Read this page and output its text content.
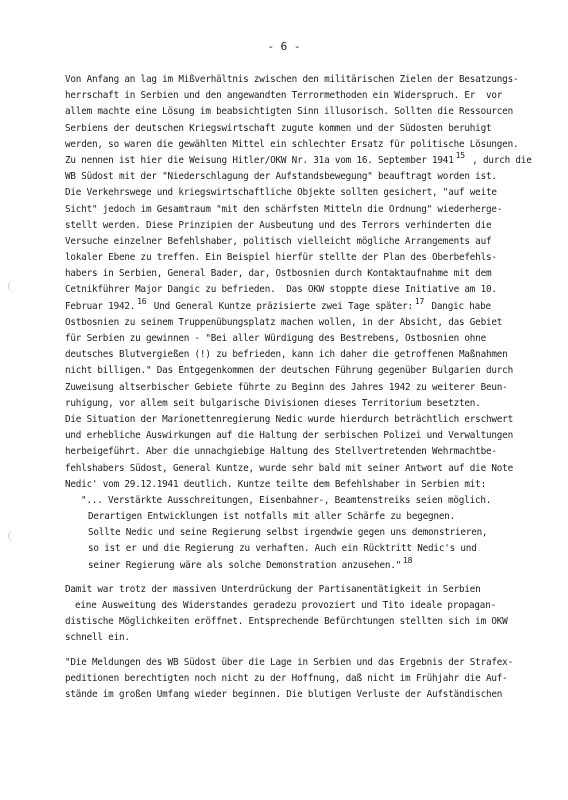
- 6 -
Von Anfang an lag im Mißverhältnis zwischen den militärischen Zielen der Besatzungs-
herrschaft in Serbien und den angewandten Terrormethoden ein Widerspruch. Er  vor
allem machte eine Lösung im beabsichtigten Sinn illusorisch. Sollten die Ressourcen
Serbiens der deutschen Kriegswirtschaft zugute kommen und der Südosten beruhigt
werden, so waren die gewählten Mittel ein schlechter Ersatz für politische Lösungen.
Zu nennen ist hier die Weisung Hitler/OKW Nr. 31a vom 16. September 1941 15 , durch die
WB Südost mit der "Niederschlagung der Aufstandsbewegung" beauftragt worden ist.
Die Verkehrswege und kriegswirtschaftliche Objekte sollten gesichert, "auf weite
Sicht" jedoch im Gesamtraum "mit den schärfsten Mitteln die Ordnung" wiederherge-
stellt werden. Diese Prinzipien der Ausbeutung und des Terrors verhinderten die
Versuche einzelner Befehlshaber, politisch vielleicht mögliche Arrangements auf
lokaler Ebene zu treffen. Ein Beispiel hierfür stellte der Plan des Oberbefehls-
habers in Serbien, General Bader, dar, Ostbosnien durch Kontaktaufnahme mit dem
Cetnikführer Major Dangic zu befrieden.  Das OKW stoppte diese Initiative am 10.
Februar 1942. 16 Und General Kuntze präzisierte zwei Tage später: 17 Dangic habe
Ostbosnien zu seinem Truppenübungsplatz machen wollen, in der Absicht, das Gebiet
für Serbien zu gewinnen - "Bei aller Würdigung des Bestrebens, Ostbosnien ohne
deutsches Blutvergießen (!) zu befrieden, kann ich daher die getroffenen Maßnahmen
nicht billigen." Das Entgegenkommen der deutschen Führung gegenüber Bulgarien durch
Zuweisung altserbischer Gebiete führte zu Beginn des Jahres 1942 zu weiterer Beun-
ruhigung, vor allem seit bulgarische Divisionen dieses Territorium besetzten.
Die Situation der Marionettenregierung Nedic wurde hierdurch beträchtlich erschwert
und erhebliche Auswirkungen auf die Haltung der serbischen Polizei und Verwaltungen
herbeigeführt. Aber die unnachgiebige Haltung des Stellvertretenden Wehrmachtbe-
fehlshabers Südost, General Kuntze, wurde sehr bald mit seiner Antwort auf die Note
Nedic' vom 29.12.1941 deutlich. Kuntze teilte dem Befehlshaber in Serbien mit:
"... Verstärkte Ausschreitungen, Eisenbahner-, Beamtenstreiks seien möglich.
Derartigen Entwicklungen ist notfalls mit aller Schärfe zu begegnen.
Sollte Nedic und seine Regierung selbst irgendwie gegen uns demonstrieren,
so ist er und die Regierung zu verhaften. Auch ein Rücktritt Nedic's und
seiner Regierung wäre als solche Demonstration anzusehen." 18
Damit war trotz der massiven Unterdrückung der Partisanentätigkeit in Serbien
eine Ausweitung des Widerstandes geradezu provoziert und Tito ideale propagan-
distische Möglichkeiten eröffnet. Entsprechende Befürchtungen stellten sich im OKW
schnell ein.
"Die Meldungen des WB Südost über die Lage in Serbien und das Ergebnis der Strafex-
peditionen berechtigten noch nicht zu der Hoffnung, daß nicht im Frühjahr die Auf-
stände im großen Umfang wieder beginnen. Die blutigen Verluste der Aufständischen
